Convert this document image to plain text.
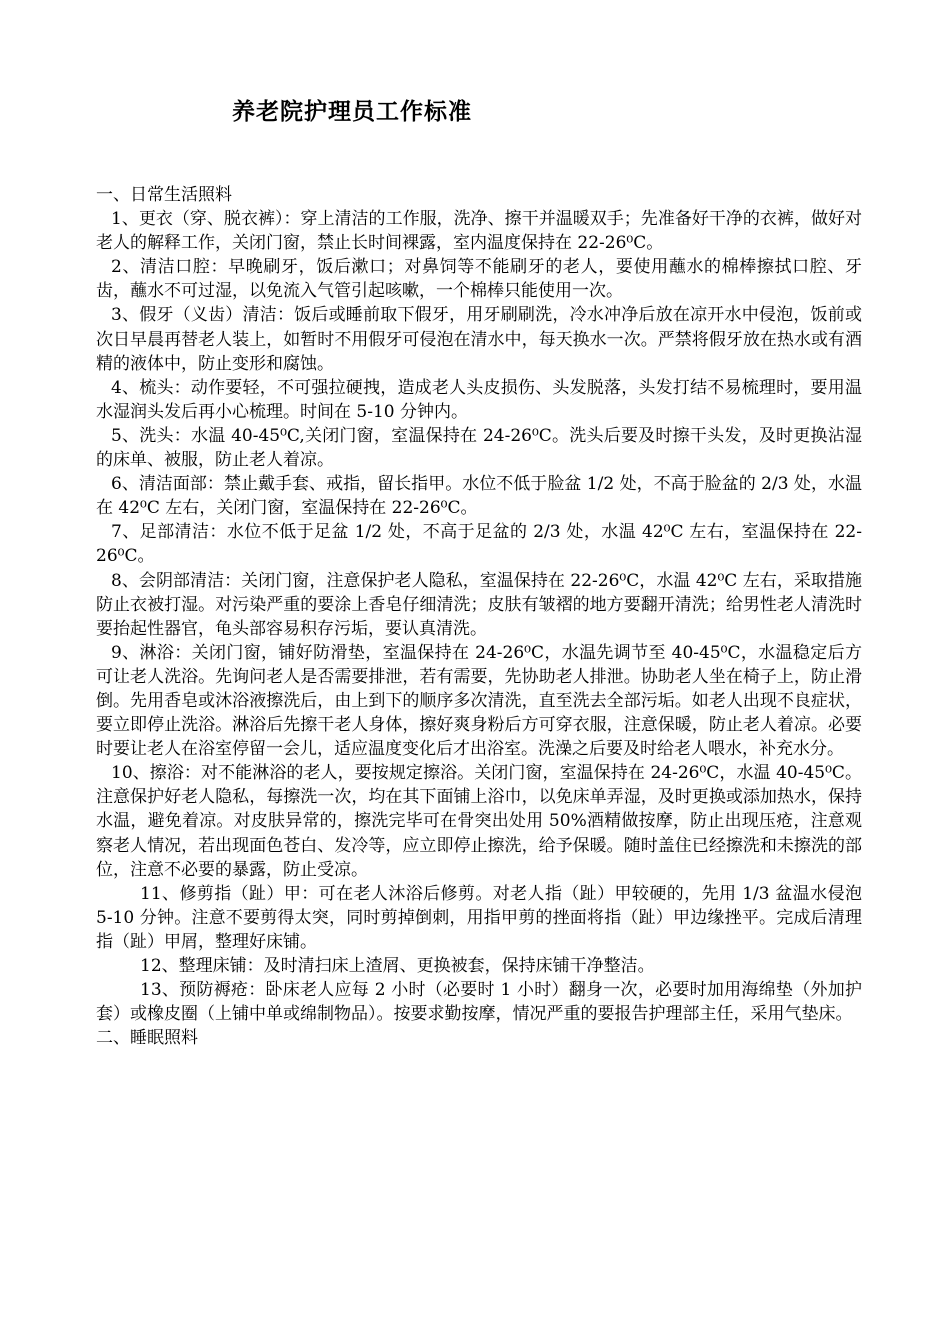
养老院护理员工作标准

一、日常生活照料

1、更衣（穿、脱衣裤）：穿上清洁的工作服，洗净、擦干并温暖双手；先准备好干净的衣裤，做好对老人的解释工作，关闭门窗，禁止长时间裸露，室内温度保持在 22-26⁰C。

2、清洁口腔：早晚刷牙，饭后漱口；对鼻饲等不能刷牙的老人，要使用蘸水的棉棒擦拭口腔、牙齿，蘸水不可过湿，以免流入气管引起咳嗽，一个棉棒只能使用一次。

3、假牙（义齿）清洁：饭后或睡前取下假牙，用牙刷刷洗，冷水冲净后放在凉开水中侵泡，饭前或次日早晨再替老人装上，如暂时不用假牙可侵泡在清水中，每天换水一次。严禁将假牙放在热水或有酒精的液体中，防止变形和腐蚀。

4、梳头：动作要轻，不可强拉硬拽，造成老人头皮损伤、头发脱落，头发打结不易梳理时，要用温水湿润头发后再小心梳理。时间在 5-10 分钟内。

5、洗头：水温 40-45⁰C,关闭门窗，室温保持在 24-26⁰C。洗头后要及时擦干头发，及时更换沾湿的床单、被服，防止老人着凉。

6、清洁面部：禁止戴手套、戒指，留长指甲。水位不低于脸盆 1/2 处，不高于脸盆的 2/3 处，水温在 42⁰C 左右，关闭门窗，室温保持在 22-26⁰C。

7、足部清洁：水位不低于足盆 1/2 处，不高于足盆的 2/3 处，水温 42⁰C 左右，室温保持在 22-26⁰C。

8、会阴部清洁：关闭门窗，注意保护老人隐私，室温保持在 22-26⁰C，水温 42⁰C 左右，采取措施防止衣被打湿。对污染严重的要涂上香皂仔细清洗；皮肤有皱褶的地方要翻开清洗；给男性老人清洗时要抬起性器官，龟头部容易积存污垢，要认真清洗。

9、淋浴：关闭门窗，铺好防滑垫，室温保持在 24-26⁰C，水温先调节至 40-45⁰C，水温稳定后方可让老人洗浴。先询问老人是否需要排泄，若有需要，先协助老人排泄。协助老人坐在椅子上，防止滑倒。先用香皂或沐浴液擦洗后，由上到下的顺序多次清洗，直至洗去全部污垢。如老人出现不良症状，要立即停止洗浴。淋浴后先擦干老人身体，擦好爽身粉后方可穿衣服，注意保暖，防止老人着凉。必要时要让老人在浴室停留一会儿，适应温度变化后才出浴室。洗澡之后要及时给老人喂水，补充水分。

10、擦浴：对不能淋浴的老人，要按规定擦浴。关闭门窗，室温保持在 24-26⁰C，水温 40-45⁰C。注意保护好老人隐私，每擦洗一次，均在其下面铺上浴巾，以免床单弄湿，及时更换或添加热水，保持水温，避免着凉。对皮肤异常的，擦洗完毕可在骨突出处用 50%酒精做按摩，防止出现压疮，注意观察老人情况，若出现面色苍白、发冷等，应立即停止擦洗，给予保暖。随时盖住已经擦洗和未擦洗的部位，注意不必要的暴露，防止受凉。

11、修剪指（趾）甲：可在老人沐浴后修剪。对老人指（趾）甲较硬的，先用 1/3 盆温水侵泡 5-10 分钟。注意不要剪得太突，同时剪掉倒刺，用指甲剪的挫面将指（趾）甲边缘挫平。完成后清理指（趾）甲屑，整理好床铺。

12、整理床铺：及时清扫床上渣屑、更换被套，保持床铺干净整洁。

13、预防褥疮：卧床老人应每 2 小时（必要时 1 小时）翻身一次，必要时加用海绵垫（外加护套）或橡皮圈（上铺中单或绵制物品）。按要求勤按摩，情况严重的要报告护理部主任，采用气垫床。

二、睡眠照料
